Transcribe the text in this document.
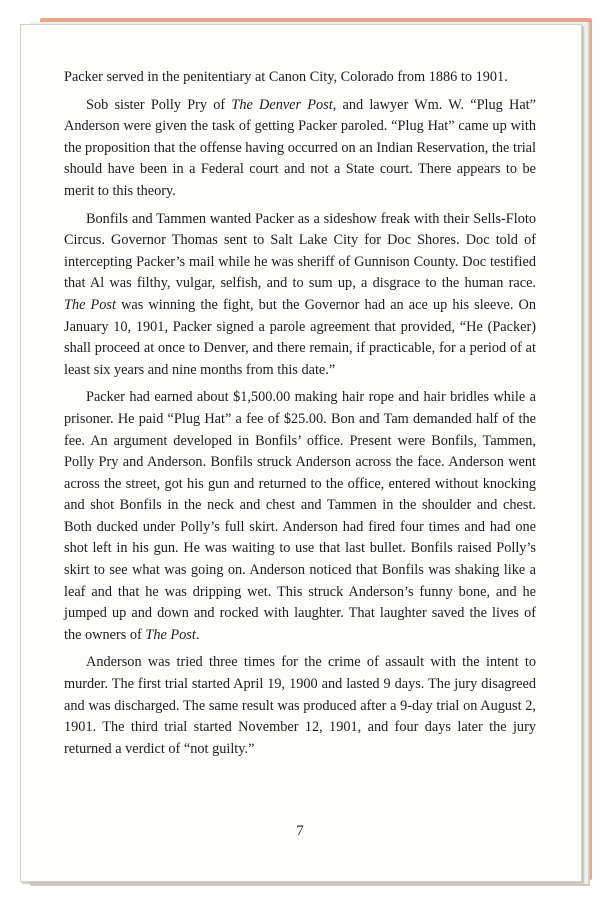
Packer served in the penitentiary at Canon City, Colorado from 1886 to 1901.

Sob sister Polly Pry of The Denver Post, and lawyer Wm. W. “Plug Hat” Anderson were given the task of getting Packer paroled. “Plug Hat” came up with the proposition that the offense having occurred on an Indian Reservation, the trial should have been in a Federal court and not a State court. There appears to be merit to this theory.

Bonfils and Tammen wanted Packer as a sideshow freak with their Sells-Floto Circus. Governor Thomas sent to Salt Lake City for Doc Shores. Doc told of intercepting Packer’s mail while he was sheriff of Gunnison County. Doc testified that Al was filthy, vulgar, selfish, and to sum up, a disgrace to the human race. The Post was winning the fight, but the Governor had an ace up his sleeve. On January 10, 1901, Packer signed a parole agreement that provided, “He (Packer) shall proceed at once to Denver, and there remain, if practicable, for a period of at least six years and nine months from this date.”

Packer had earned about $1,500.00 making hair rope and hair bridles while a prisoner. He paid “Plug Hat” a fee of $25.00. Bon and Tam demanded half of the fee. An argument developed in Bonfils’ office. Present were Bonfils, Tammen, Polly Pry and Anderson. Bonfils struck Anderson across the face. Anderson went across the street, got his gun and returned to the office, entered without knocking and shot Bonfils in the neck and chest and Tammen in the shoulder and chest. Both ducked under Polly’s full skirt. Anderson had fired four times and had one shot left in his gun. He was waiting to use that last bullet. Bonfils raised Polly’s skirt to see what was going on. Anderson noticed that Bonfils was shaking like a leaf and that he was dripping wet. This struck Anderson’s funny bone, and he jumped up and down and rocked with laughter. That laughter saved the lives of the owners of The Post.

Anderson was tried three times for the crime of assault with the intent to murder. The first trial started April 19, 1900 and lasted 9 days. The jury disagreed and was discharged. The same result was produced after a 9-day trial on August 2, 1901. The third trial started November 12, 1901, and four days later the jury returned a verdict of “not guilty.”

7
